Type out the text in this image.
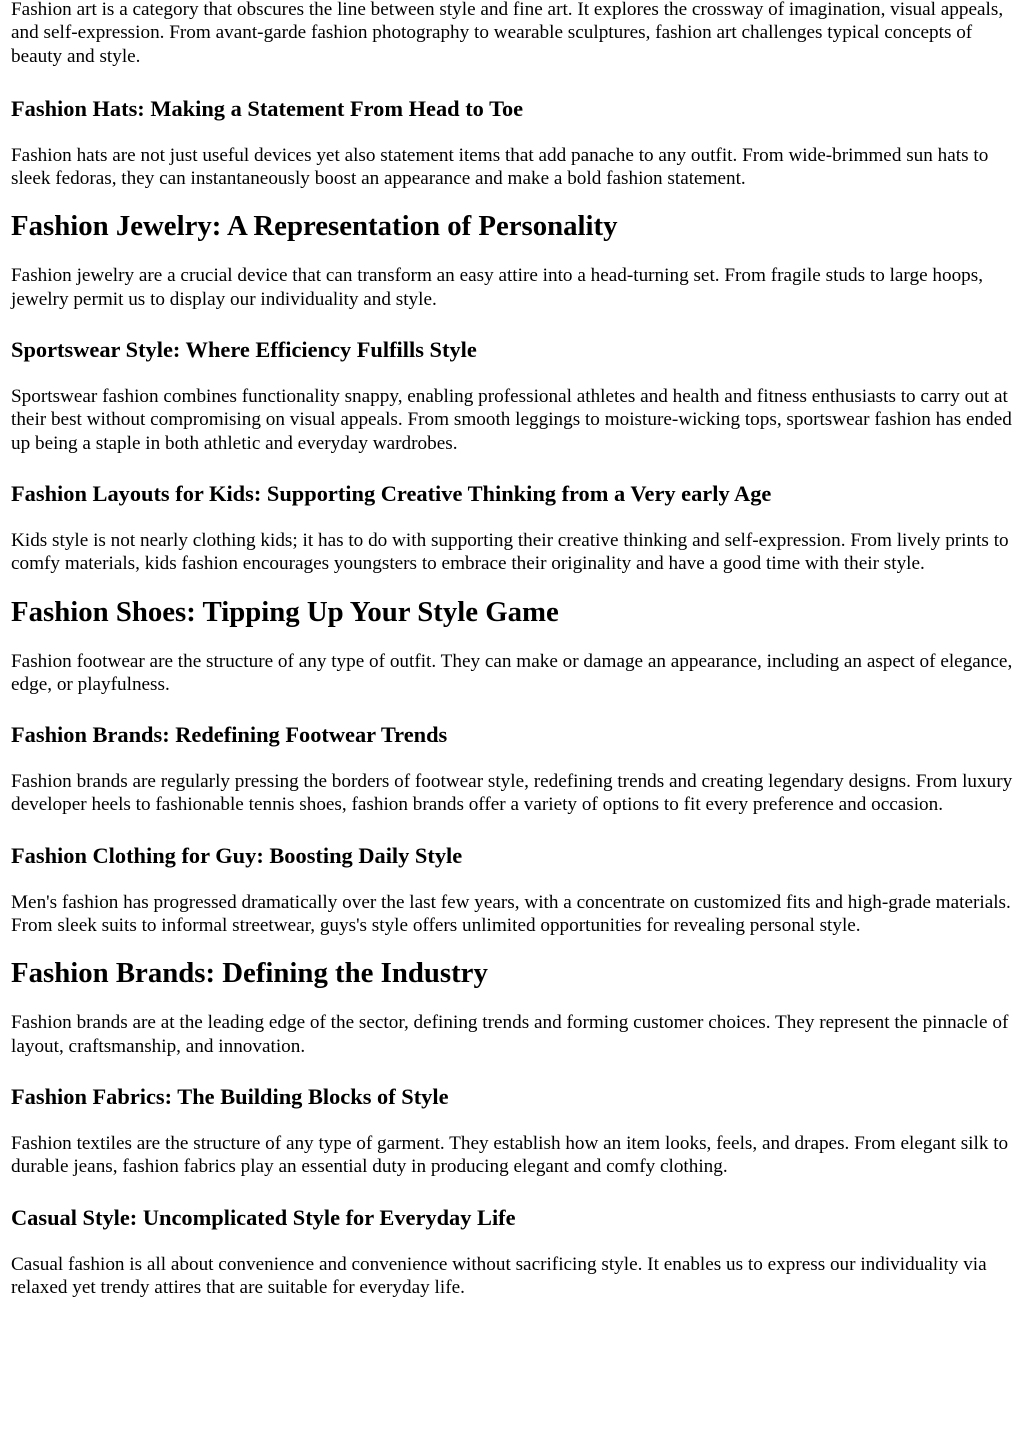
Fashion art is a category that obscures the line between style and fine art. It explores the crossway of imagination, visual appeals, and self-expression. From avant-garde fashion photography to wearable sculptures, fashion art challenges typical concepts of beauty and style.

Fashion Hats: Making a Statement From Head to Toe

Fashion hats are not just useful devices yet also statement items that add panache to any outfit. From wide-brimmed sun hats to sleek fedoras, they can instantaneously boost an appearance and make a bold fashion statement.

Fashion Jewelry: A Representation of Personality

Fashion jewelry are a crucial device that can transform an easy attire into a head-turning set. From fragile studs to large hoops, jewelry permit us to display our individuality and style.

Sportswear Style: Where Efficiency Fulfills Style

Sportswear fashion combines functionality snappy, enabling professional athletes and health and fitness enthusiasts to carry out at their best without compromising on visual appeals. From smooth leggings to moisture-wicking tops, sportswear fashion has ended up being a staple in both athletic and everyday wardrobes.

Fashion Layouts for Kids: Supporting Creative Thinking from a Very early Age

Kids style is not nearly clothing kids; it has to do with supporting their creative thinking and self-expression. From lively prints to comfy materials, kids fashion encourages youngsters to embrace their originality and have a good time with their style.

Fashion Shoes: Tipping Up Your Style Game

Fashion footwear are the structure of any type of outfit. They can make or damage an appearance, including an aspect of elegance, edge, or playfulness.

Fashion Brands: Redefining Footwear Trends

Fashion brands are regularly pressing the borders of footwear style, redefining trends and creating legendary designs. From luxury developer heels to fashionable tennis shoes, fashion brands offer a variety of options to fit every preference and occasion.

Fashion Clothing for Guy: Boosting Daily Style

Men's fashion has progressed dramatically over the last few years, with a concentrate on customized fits and high-grade materials. From sleek suits to informal streetwear, guys's style offers unlimited opportunities for revealing personal style.

Fashion Brands: Defining the Industry

Fashion brands are at the leading edge of the sector, defining trends and forming customer choices. They represent the pinnacle of layout, craftsmanship, and innovation.

Fashion Fabrics: The Building Blocks of Style

Fashion textiles are the structure of any type of garment. They establish how an item looks, feels, and drapes. From elegant silk to durable jeans, fashion fabrics play an essential duty in producing elegant and comfy clothing.

Casual Style: Uncomplicated Style for Everyday Life

Casual fashion is all about convenience and convenience without sacrificing style. It enables us to express our individuality via relaxed yet trendy attires that are suitable for everyday life.
